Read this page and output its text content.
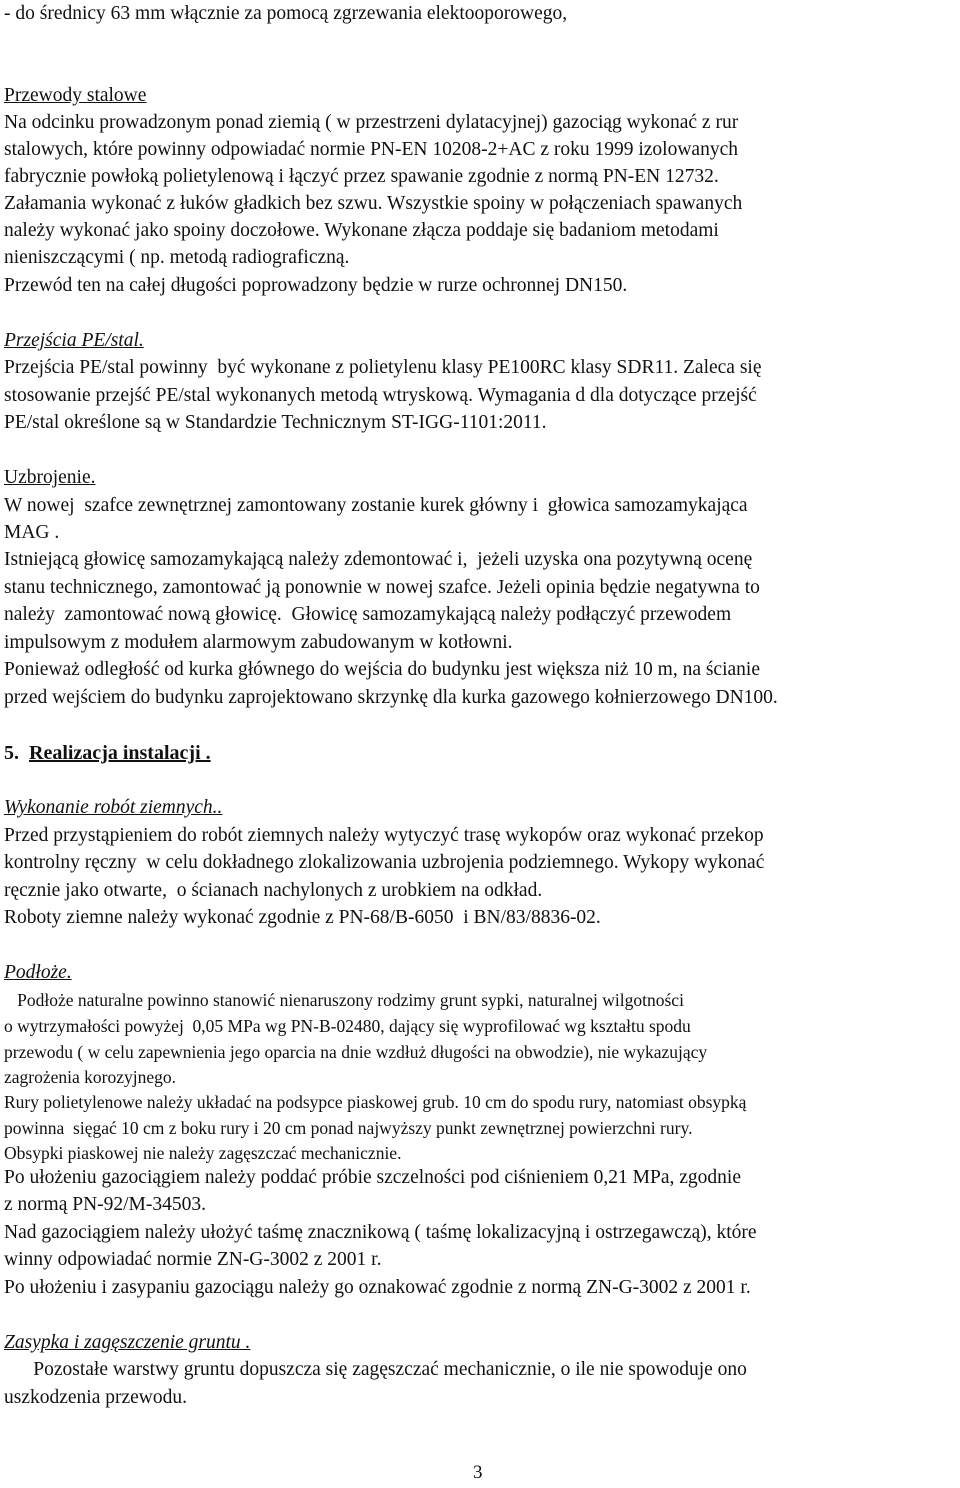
- do średnicy 63 mm włącznie za pomocą zgrzewania elektooporowego,
Przewody stalowe
Na odcinku prowadzonym ponad ziemią ( w przestrzeni dylatacyjnej) gazociąg wykonać z rur
stalowych, które powinny odpowiadać normie PN-EN 10208-2+AC z roku 1999 izolowanych
fabrycznie powłoką polietylenową i łączyć przez spawanie zgodnie z normą PN-EN 12732.
Załamania wykonać z łuków gładkich bez szwu. Wszystkie spoiny w połączeniach spawanych
należy wykonać jako spoiny doczołowe. Wykonane złącza poddaje się badaniom metodami
nieniszczącymi ( np. metodą radiograficzną.
Przewód ten na całej długości poprowadzony będzie w rurze ochronnej DN150.
Przejścia PE/stal.
Przejścia PE/stal powinny  być wykonane z polietylenu klasy PE100RC klasy SDR11. Zaleca się
stosowanie przejść PE/stal wykonanych metodą wtryskową. Wymagania d dla dotyczące przejść
PE/stal określone są w Standardzie Technicznym ST-IGG-1101:2011.
Uzbrojenie.
W nowej  szafce zewnętrznej zamontowany zostanie kurek główny i  głowica samozamykająca
MAG .
Istniejącą głowicę samozamykającą należy zdemontować i,  jeżeli uzyska ona pozytywną ocenę
stanu technicznego, zamontować ją ponownie w nowej szafce. Jeżeli opinia będzie negatywna to
należy  zamontować nową głowicę.  Głowicę samozamykającą należy podłączyć przewodem
impulsowym z modułem alarmowym zabudowanym w kotłowni.
Ponieważ odległość od kurka głównego do wejścia do budynku jest większa niż 10 m, na ścianie
przed wejściem do budynku zaprojektowano skrzynkę dla kurka gazowego kołnierzowego DN100.
5. Realizacja instalacji .
Wykonanie robót ziemnych..
Przed przystąpieniem do robót ziemnych należy wytyczyć trasę wykopów oraz wykonać przekop
kontrolny ręczny  w celu dokładnego zlokalizowania uzbrojenia podziemnego. Wykopy wykonać
ręcznie jako otwarte,  o ścianach nachylonych z urobkiem na odkład.
Roboty ziemne należy wykonać zgodnie z PN-68/B-6050  i BN/83/8836-02.
Podłoże.
Podłoże naturalne powinno stanowić nienaruszony rodzimy grunt sypki, naturalnej wilgotności
o wytrzymałości powyżej  0,05 MPa wg PN-B-02480, dający się wyprofilować wg kształtu spodu
przewodu ( w celu zapewnienia jego oparcia na dnie wzdłuż długości na obwodzie), nie wykazujący
zagrożenia korozyjnego.
Rury polietylenowe należy układać na podsypce piaskowej grub. 10 cm do spodu rury, natomiast obsypką
powinna  sięgać 10 cm z boku rury i 20 cm ponad najwyższy punkt zewnętrznej powierzchni rury.
Obsypki piaskowej nie należy zagęszczać mechanicznie.
Po ułożeniu gazociągiem należy poddać próbie szczelności pod ciśnieniem 0,21 MPa, zgodnie
z normą PN-92/M-34503.
Nad gazociągiem należy ułożyć taśmę znacznikową ( taśmę lokalizacyjną i ostrzegawczą), które
winny odpowiadać normie ZN-G-3002 z 2001 r.
Po ułożeniu i zasypaniu gazociągu należy go oznakować zgodnie z normą ZN-G-3002 z 2001 r.
Zasypka i zagęszczenie gruntu .
Pozostałe warstwy gruntu dopuszcza się zagęszczać mechanicznie, o ile nie spowoduje ono
uszkodzenia przewodu.
3
